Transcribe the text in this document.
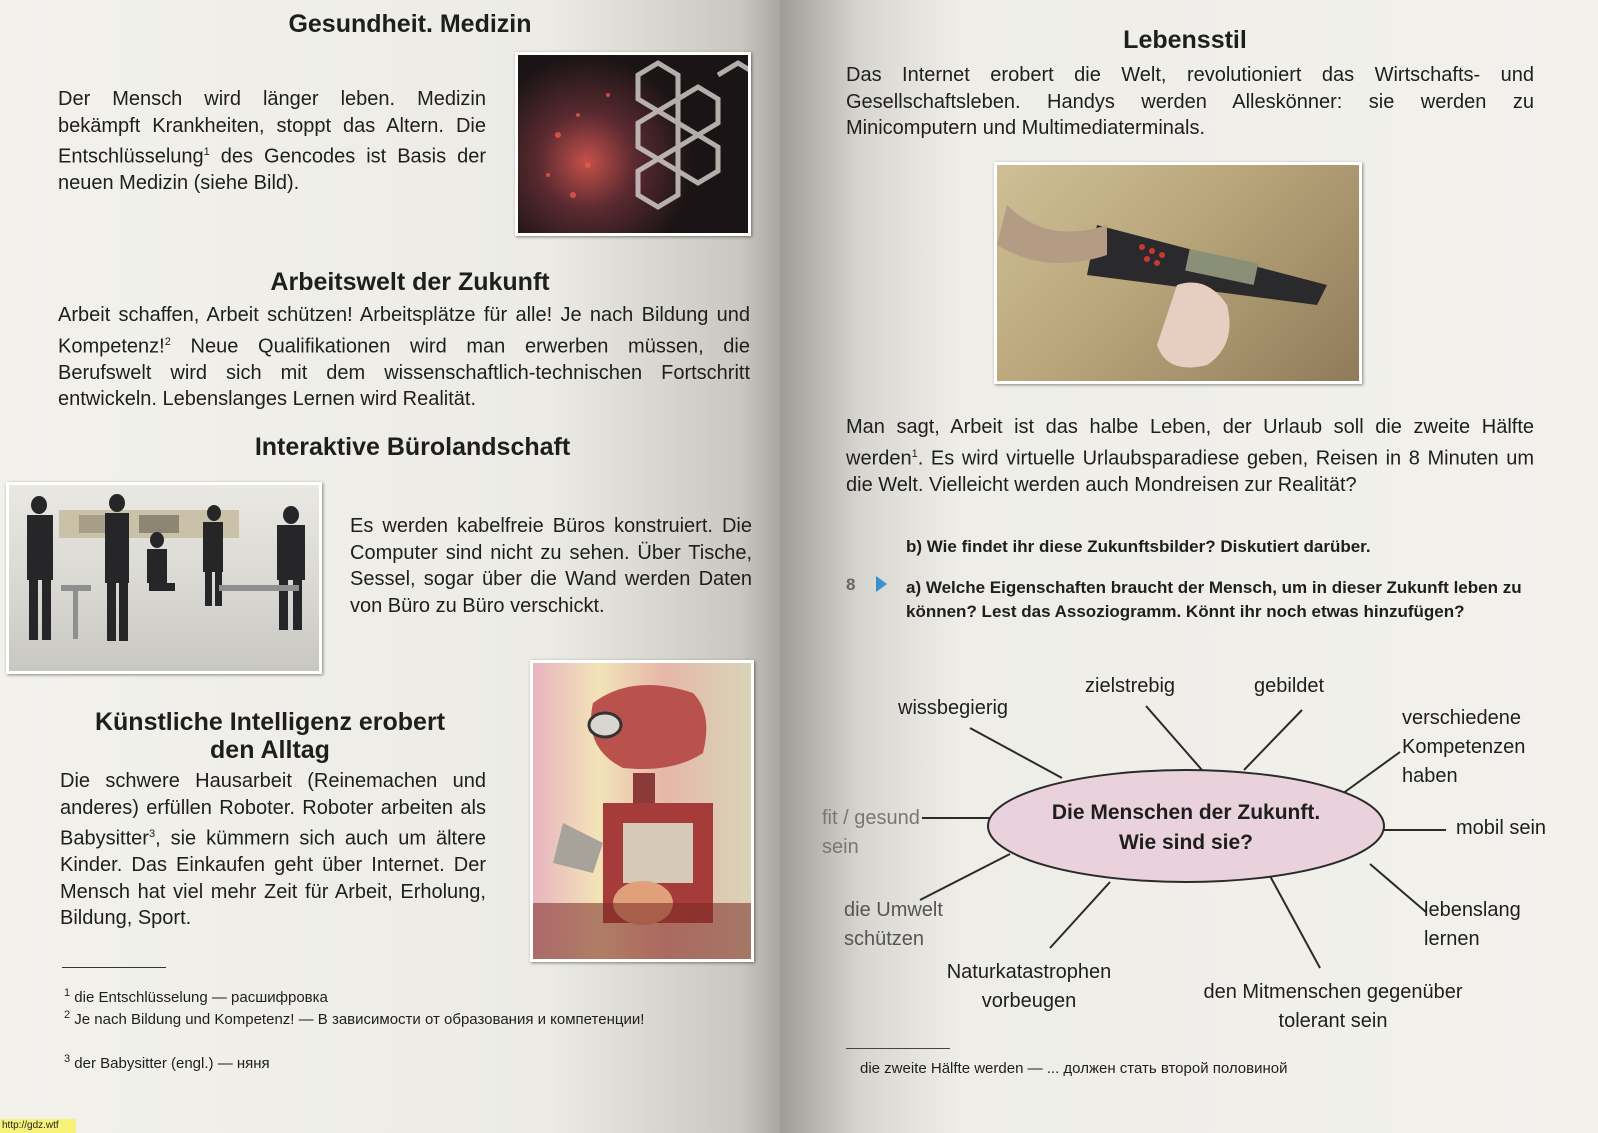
Gesundheit. Medizin
Der Mensch wird länger leben. Medizin bekämpft Krankheiten, stoppt das Altern. Die Entschlüsselung$^1$ des Gencodes ist Basis der neuen Medizin (siehe Bild).
Arbeitswelt der Zukunft
Arbeit schaffen, Arbeit schützen! Arbeitsplätze für alle! Je nach Bildung und Kompetenz!$^2$ Neue Qualifikationen wird man erwerben müssen, die Berufswelt wird sich mit dem wissenschaftlich-technischen Fortschritt entwickeln. Lebenslanges Lernen wird Realität.
Interaktive Bürolandschaft
Es werden kabelfreie Büros konstruiert. Die Computer sind nicht zu sehen. Über Tische, Sessel, sogar über die Wand werden Daten von Büro zu Büro verschickt.
Künstliche Intelligenz erobert
den Alltag
Die schwere Hausarbeit (Reinemachen und anderes) erfüllen Roboter. Roboter arbeiten als Babysitter$^3$, sie kümmern sich auch um ältere Kinder. Das Einkaufen geht über Internet. Der Mensch hat viel mehr Zeit für Arbeit, Erholung, Bildung, Sport.
$^1$ die Entschlüsselung — расшифровка
$^2$ Je nach Bildung und Kompetenz! — В зависимости от образования и компетенции!
$^3$ der Babysitter (engl.) — няня
Lebensstil
Das Internet erobert die Welt, revolutioniert das Wirtschafts- und Gesellschaftsleben. Handys werden Alleskönner: sie werden zu Minicomputern und Multimediaterminals.
Man sagt, Arbeit ist das halbe Leben, der Urlaub soll die zweite Hälfte werden$^1$. Es wird virtuelle Urlaubsparadiese geben, Reisen in 8 Minuten um die Welt. Vielleicht werden auch Mondreisen zur Realität?
b) Wie findet ihr diese Zukunftsbilder? Diskutiert darüber.
8	a) Welche Eigenschaften braucht der Mensch, um in dieser Zukunft leben zu können? Lest das Assoziogramm. Könnt ihr noch etwas hinzufügen?
Die Menschen der Zukunft.
Wie sind sie?
wissbegierig
zielstrebig	gebildet
verschiedene
Kompetenzen
haben
mobil sein
lebenslang
lernen
den Mitmenschen gegenüber
tolerant sein
Naturkatastrophen
vorbeugen
die Umwelt
schützen
fit / gesund
sein
die zweite Hälfte werden — ... должен стать второй половиной
http://gdz.wtf
